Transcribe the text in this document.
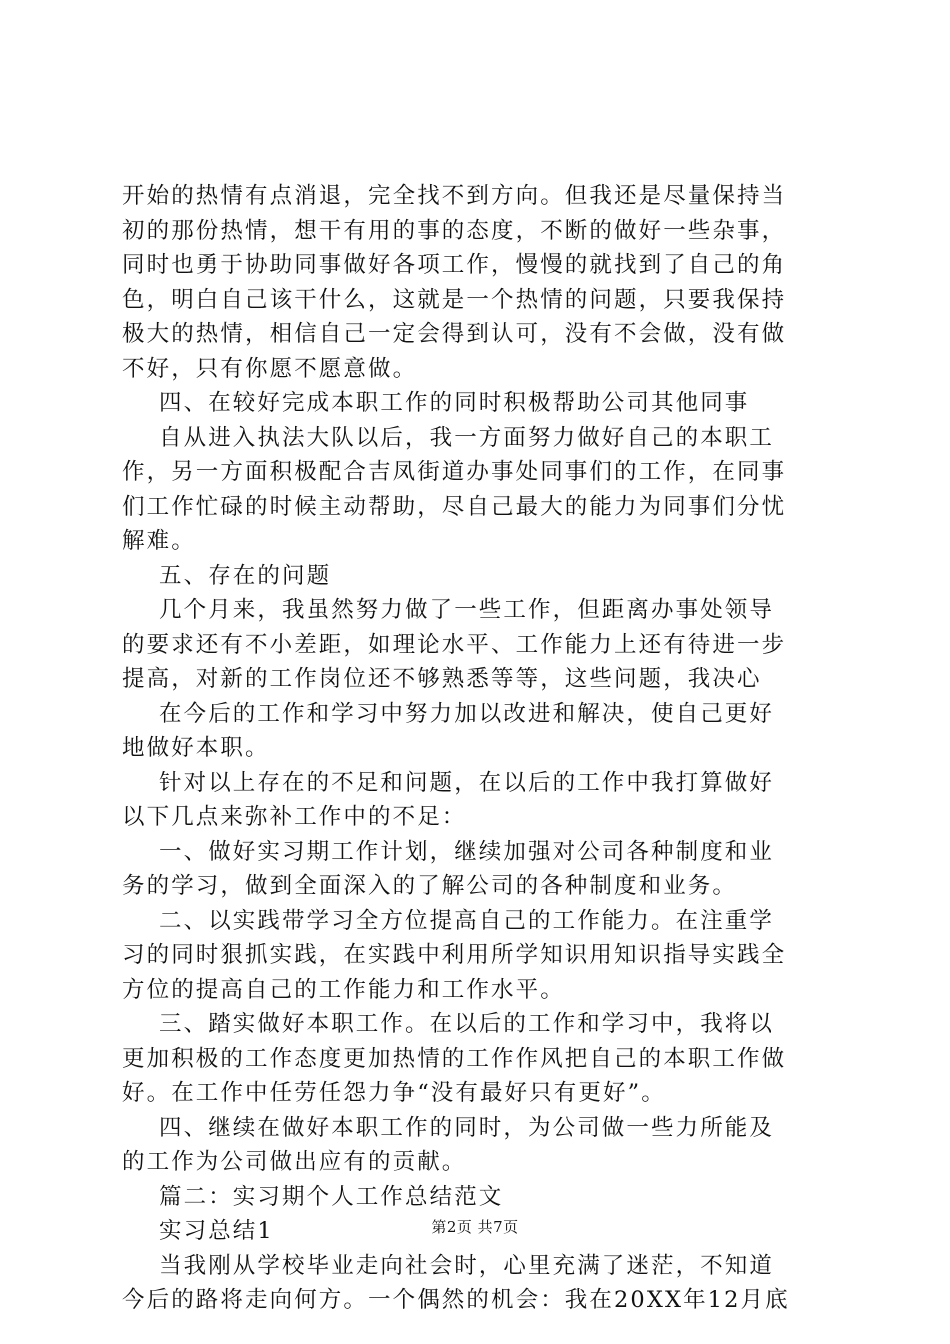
开始的热情有点消退，完全找不到方向。但我还是尽量保持当
初的那份热情，想干有用的事的态度，不断的做好一些杂事，
同时也勇于协助同事做好各项工作，慢慢的就找到了自己的角
色，明白自己该干什么，这就是一个热情的问题，只要我保持
极大的热情，相信自己一定会得到认可，没有不会做，没有做
不好，只有你愿不愿意做。
四、在较好完成本职工作的同时积极帮助公司其他同事
自从进入执法大队以后，我一方面努力做好自己的本职工
作，另一方面积极配合吉凤街道办事处同事们的工作，在同事
们工作忙碌的时候主动帮助，尽自己最大的能力为同事们分忧
解难。
五、存在的问题
几个月来，我虽然努力做了一些工作，但距离办事处领导
的要求还有不小差距，如理论水平、工作能力上还有待进一步
提高，对新的工作岗位还不够熟悉等等，这些问题，我决心
在今后的工作和学习中努力加以改进和解决，使自己更好
地做好本职。
针对以上存在的不足和问题，在以后的工作中我打算做好
以下几点来弥补工作中的不足：
一、做好实习期工作计划，继续加强对公司各种制度和业
务的学习，做到全面深入的了解公司的各种制度和业务。
二、以实践带学习全方位提高自己的工作能力。在注重学
习的同时狠抓实践，在实践中利用所学知识用知识指导实践全
方位的提高自己的工作能力和工作水平。
三、踏实做好本职工作。在以后的工作和学习中，我将以
更加积极的工作态度更加热情的工作作风把自己的本职工作做
好。在工作中任劳任怨力争“没有最好只有更好”。
四、继续在做好本职工作的同时，为公司做一些力所能及
的工作为公司做出应有的贡献。
篇二：实习期个人工作总结范文
实习总结1
当我刚从学校毕业走向社会时，心里充满了迷茫，不知道
今后的路将走向何方。一个偶然的机会：我在20XX年12月底
第2页 共7页
